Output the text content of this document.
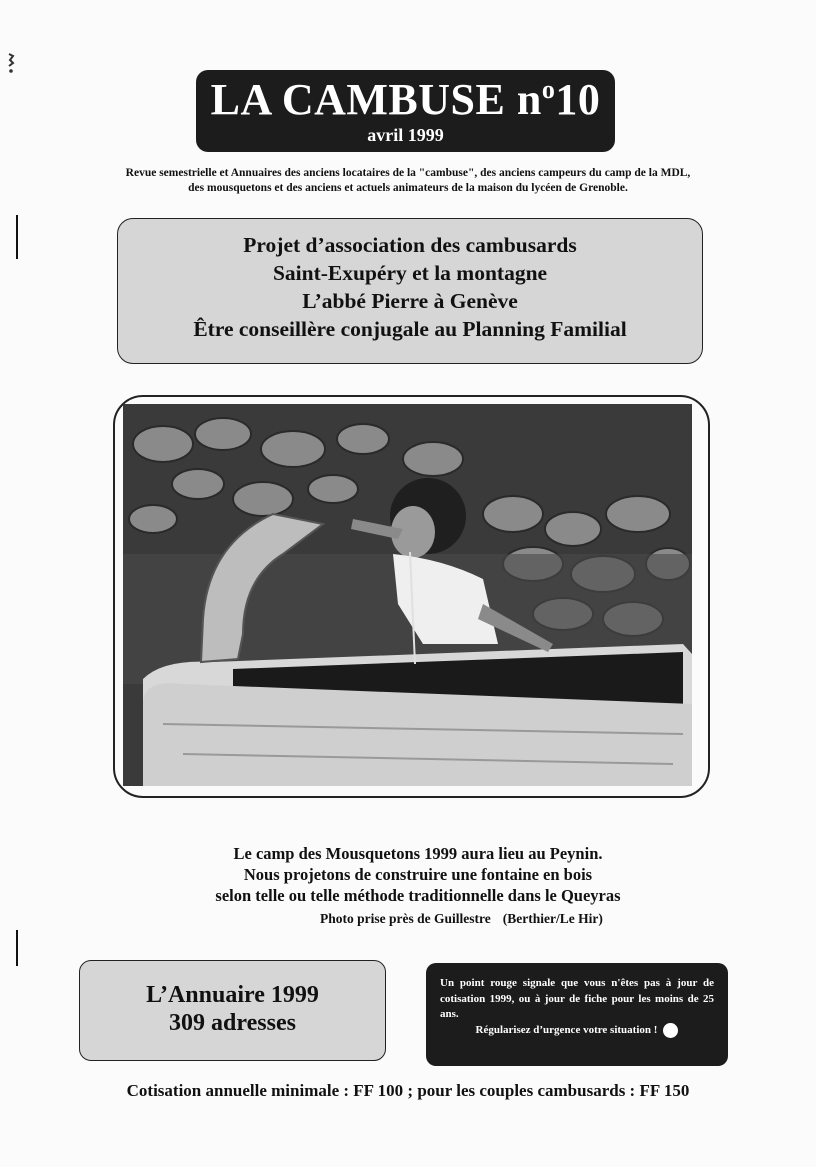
LA CAMBUSE $n^o10$
avril 1999
Revue semestrielle et Annuaires des anciens locataires de la "cambuse", des anciens campeurs du camp de la MDL,
des mousquetons et des anciens et actuels animateurs de la maison du lycéen de Grenoble.
Projet d’association des cambusards
Saint-Exupéry et la montagne
L’abbé Pierre à Genève
Être conseillère conjugale au Planning Familial
Le camp des Mousquetons 1999 aura lieu au Peynin.
Nous projetons de construire une fontaine en bois
selon telle ou telle méthode traditionnelle dans le Queyras
Photo prise près de Guillestre (Berthier/Le Hir)
L’Annuaire 1999
309 adresses
Un point rouge signale que vous n'êtes pas à jour de cotisation 1999, ou à jour de fiche pour les moins de 25 ans.
Régularisez d’urgence votre situation !
Cotisation annuelle minimale : FF 100 ; pour les couples cambusards : FF 150
